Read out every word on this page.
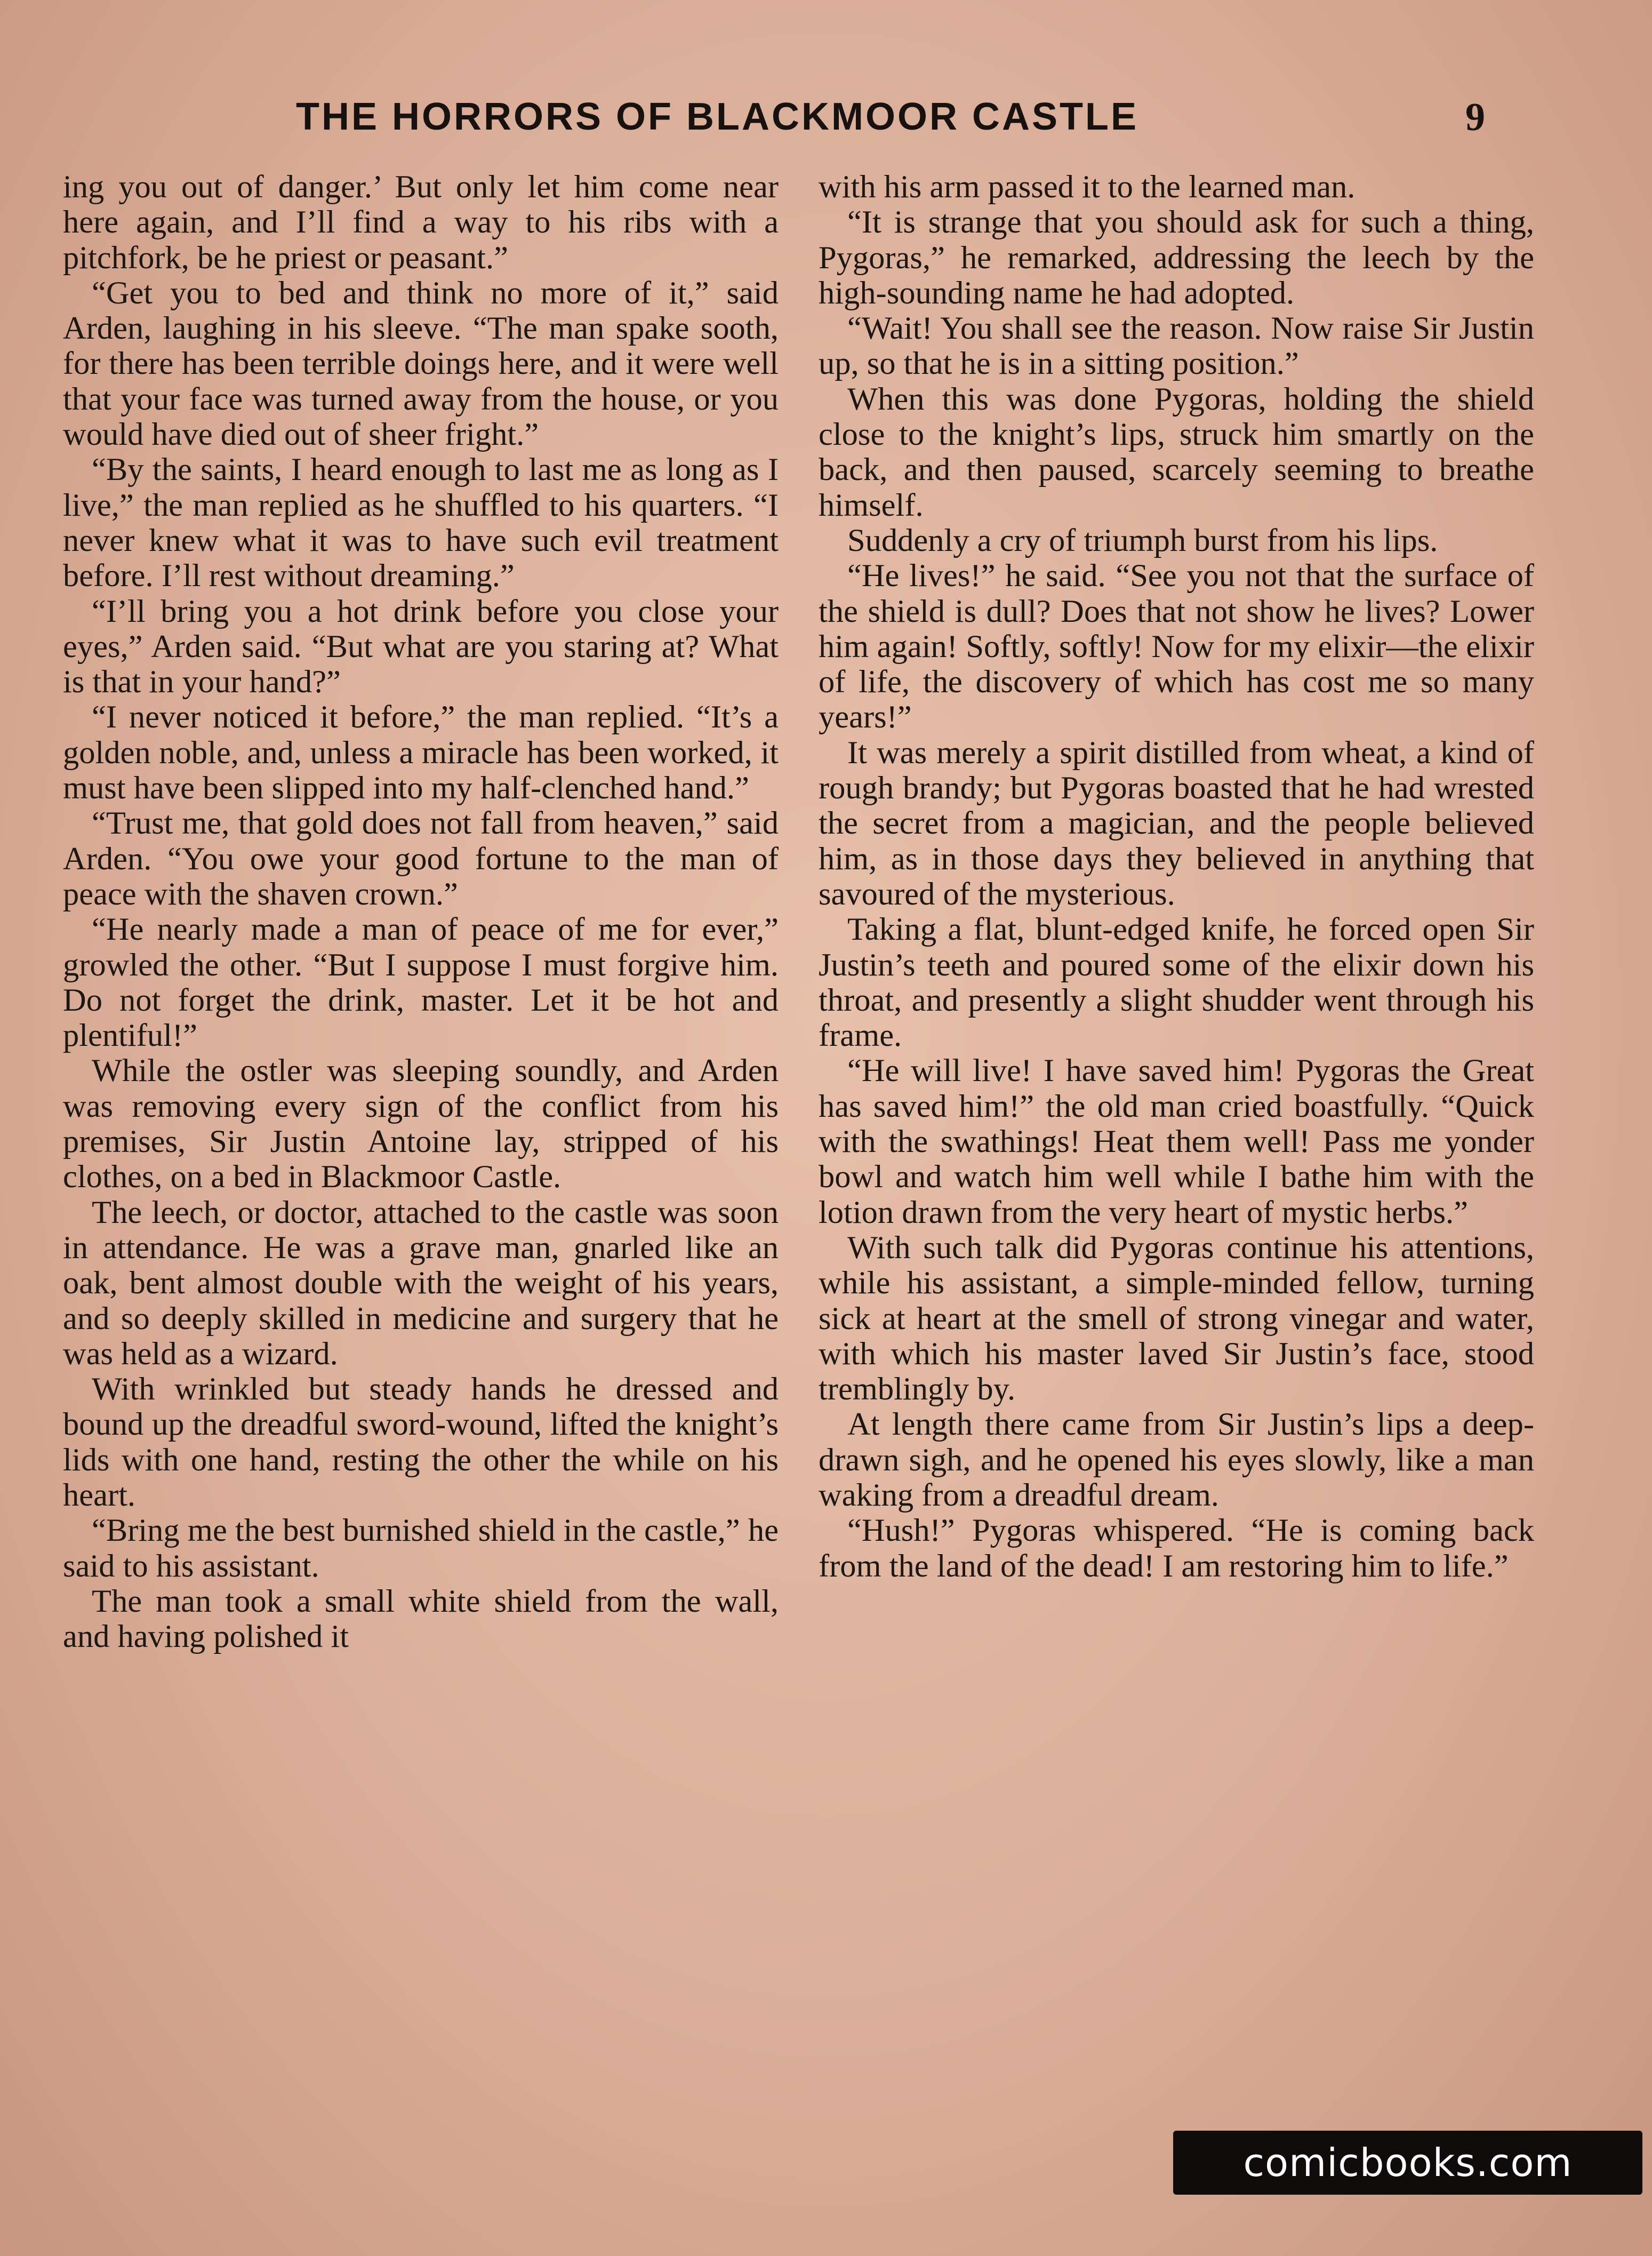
THE HORRORS OF BLACKMOOR CASTLE	9

ing you out of danger.’ But only let him come near here again, and I’ll find a way to his ribs with a pitchfork, be he priest or peasant.”

“Get you to bed and think no more of it,” said Arden, laughing in his sleeve. “The man spake sooth, for there has been terrible doings here, and it were well that your face was turned away from the house, or you would have died out of sheer fright.”

“By the saints, I heard enough to last me as long as I live,” the man replied as he shuffled to his quarters. “I never knew what it was to have such evil treatment before. I’ll rest without dreaming.”

“I’ll bring you a hot drink before you close your eyes,” Arden said. “But what are you staring at? What is that in your hand?”

“I never noticed it before,” the man replied. “It’s a golden noble, and, unless a miracle has been worked, it must have been slipped into my half-clenched hand.”

“Trust me, that gold does not fall from heaven,” said Arden. “You owe your good fortune to the man of peace with the shaven crown.”

“He nearly made a man of peace of me for ever,” growled the other. “But I suppose I must forgive him. Do not forget the drink, master. Let it be hot and plentiful!”

While the ostler was sleeping soundly, and Arden was removing every sign of the conflict from his premises, Sir Justin Antoine lay, stripped of his clothes, on a bed in Blackmoor Castle.

The leech, or doctor, attached to the castle was soon in attendance. He was a grave man, gnarled like an oak, bent almost double with the weight of his years, and so deeply skilled in medicine and surgery that he was held as a wizard.

With wrinkled but steady hands he dressed and bound up the dreadful sword-wound, lifted the knight’s lids with one hand, resting the other the while on his heart.

“Bring me the best burnished shield in the castle,” he said to his assistant.

The man took a small white shield from the wall, and having polished it

with his arm passed it to the learned man.

“It is strange that you should ask for such a thing, Pygoras,” he remarked, addressing the leech by the high-sounding name he had adopted.

“Wait! You shall see the reason. Now raise Sir Justin up, so that he is in a sitting position.”

When this was done Pygoras, holding the shield close to the knight’s lips, struck him smartly on the back, and then paused, scarcely seeming to breathe himself.

Suddenly a cry of triumph burst from his lips.

“He lives!” he said. “See you not that the surface of the shield is dull? Does that not show he lives? Lower him again! Softly, softly! Now for my elixir—the elixir of life, the discovery of which has cost me so many years!”

It was merely a spirit distilled from wheat, a kind of rough brandy; but Pygoras boasted that he had wrested the secret from a magician, and the people believed him, as in those days they believed in anything that savoured of the mysterious.

Taking a flat, blunt-edged knife, he forced open Sir Justin’s teeth and poured some of the elixir down his throat, and presently a slight shudder went through his frame.

“He will live! I have saved him! Pygoras the Great has saved him!” the old man cried boastfully. “Quick with the swathings! Heat them well! Pass me yonder bowl and watch him well while I bathe him with the lotion drawn from the very heart of mystic herbs.”

With such talk did Pygoras continue his attentions, while his assistant, a simple-minded fellow, turning sick at heart at the smell of strong vinegar and water, with which his master laved Sir Justin’s face, stood tremblingly by.

At length there came from Sir Justin’s lips a deep-drawn sigh, and he opened his eyes slowly, like a man waking from a dreadful dream.

“Hush!” Pygoras whispered. “He is coming back from the land of the dead! I am restoring him to life.”

comicbooks.com
